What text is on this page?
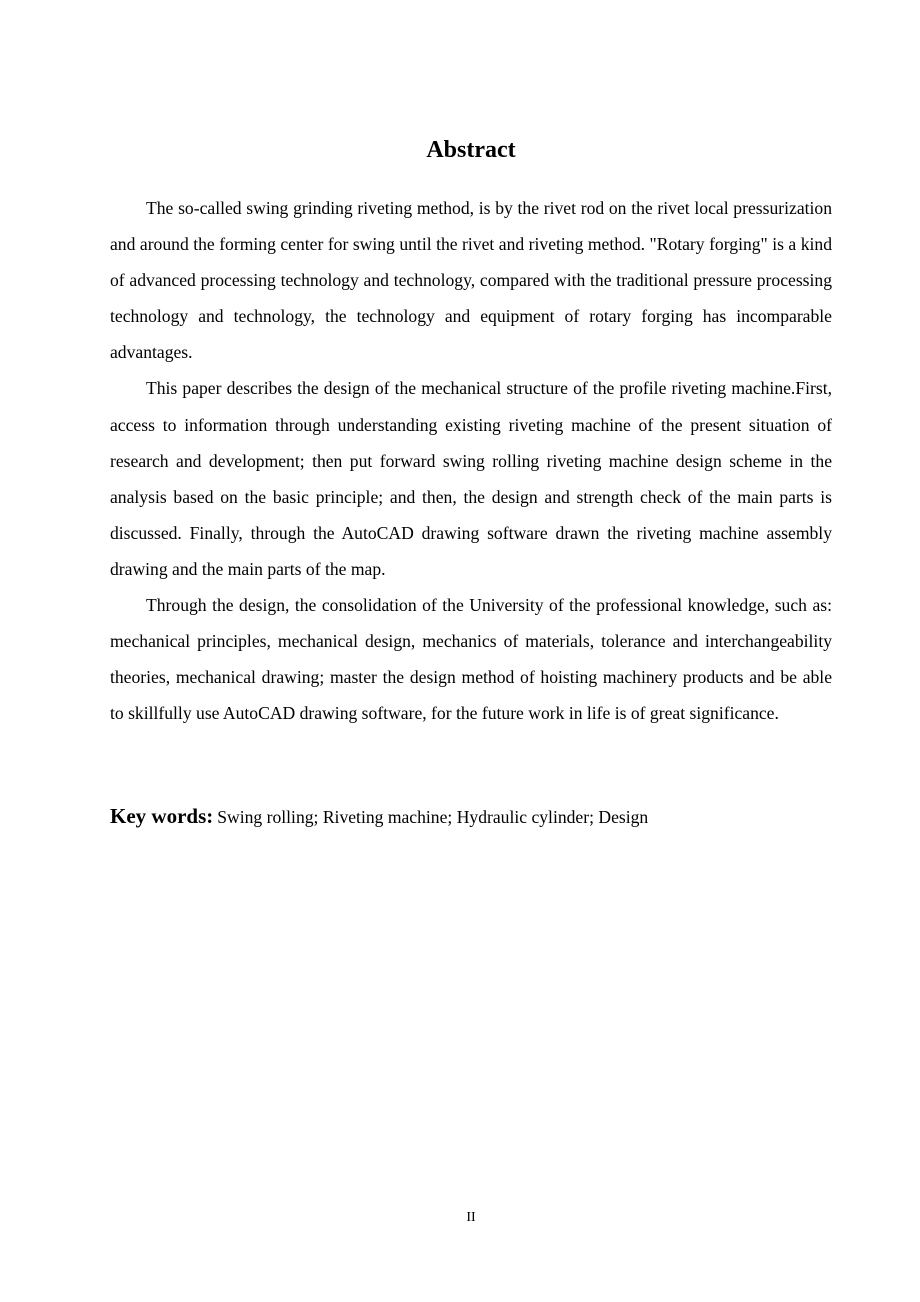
Abstract

The so-called swing grinding riveting method, is by the rivet rod on the rivet local pressurization and around the forming center for swing until the rivet and riveting method. "Rotary forging" is a kind of advanced processing technology and technology, compared with the traditional pressure processing technology and technology, the technology and equipment of rotary forging has incomparable advantages.

This paper describes the design of the mechanical structure of the profile riveting machine.First, access to information through understanding existing riveting machine of the present situation of research and development; then put forward swing rolling riveting machine design scheme in the analysis based on the basic principle; and then, the design and strength check of the main parts is discussed. Finally, through the AutoCAD drawing software drawn the riveting machine assembly drawing and the main parts of the map.

Through the design, the consolidation of the University of the professional knowledge, such as: mechanical principles, mechanical design, mechanics of materials, tolerance and interchangeability theories, mechanical drawing; master the design method of hoisting machinery products and be able to skillfully use AutoCAD drawing software, for the future work in life is of great significance.

Key words: Swing rolling; Riveting machine; Hydraulic cylinder; Design

II
